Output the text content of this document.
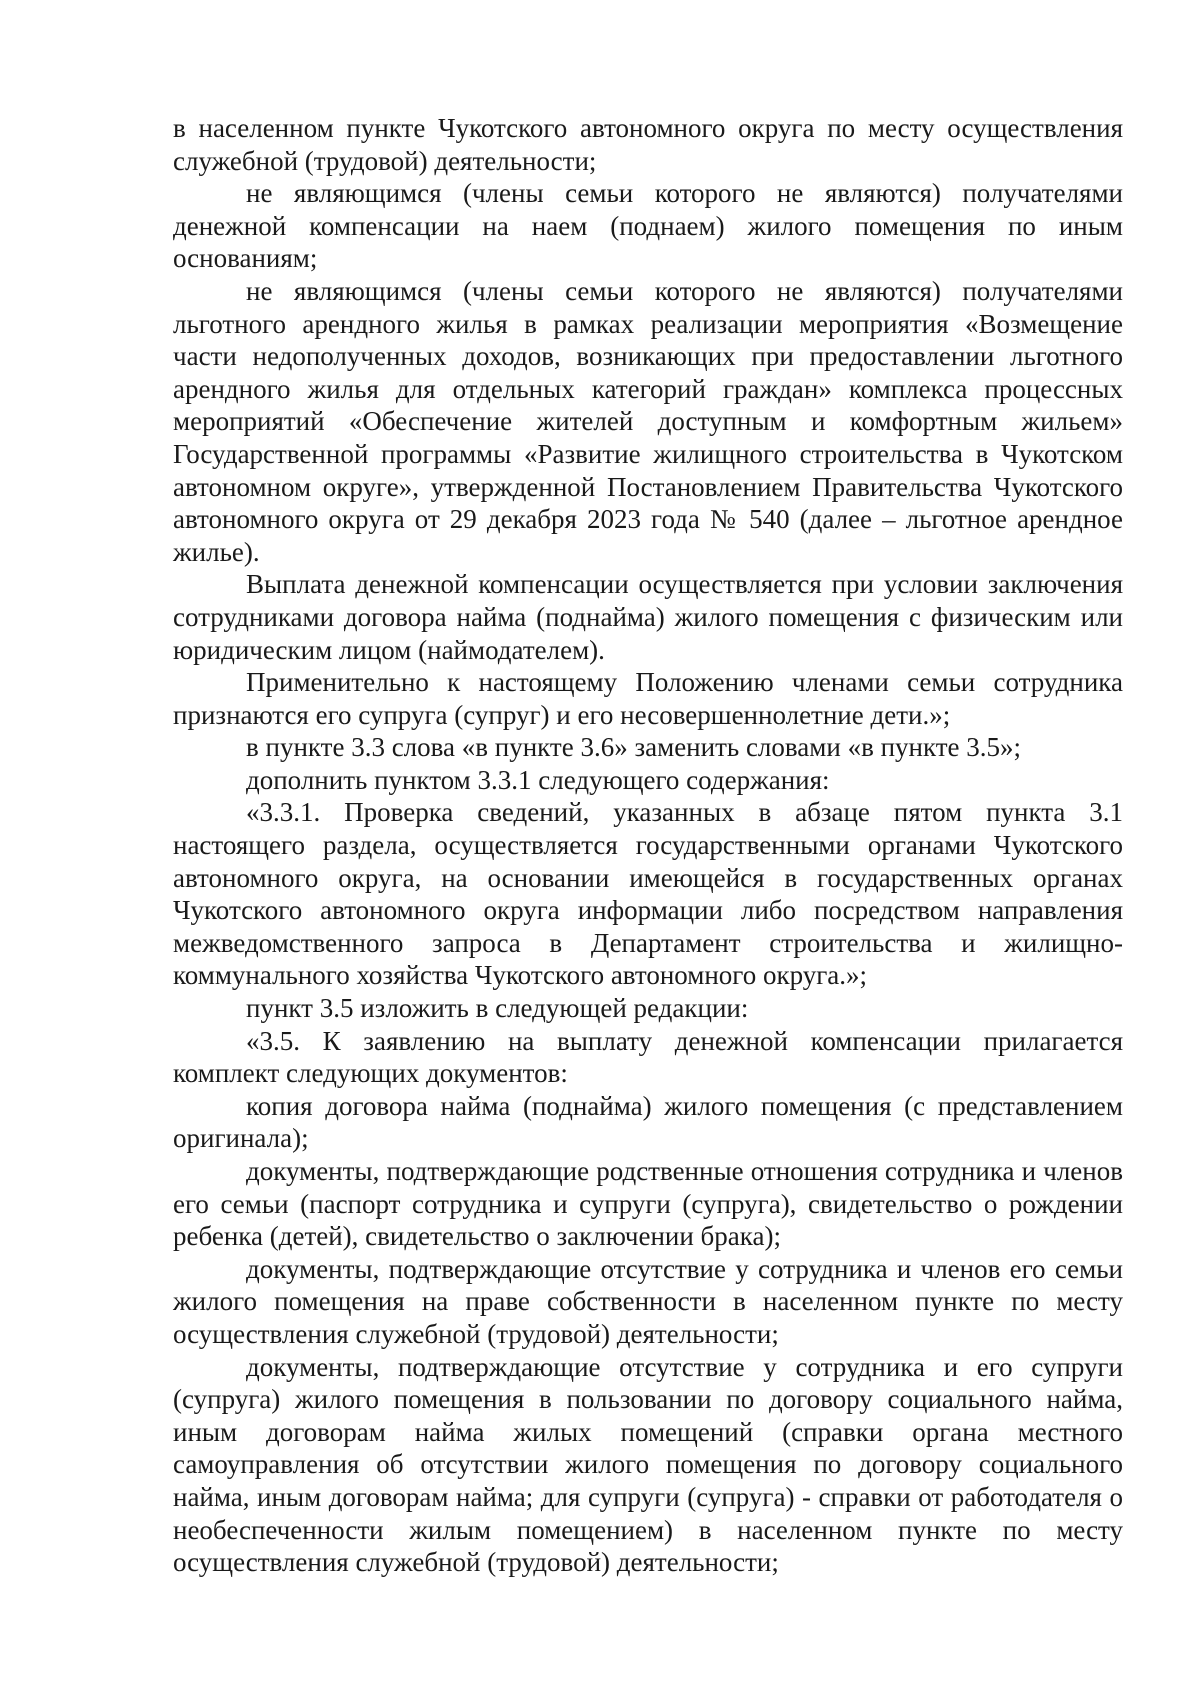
в населенном пункте Чукотского автономного округа по месту осуществления служебной (трудовой) деятельности;

не являющимся (члены семьи которого не являются) получателями денежной компенсации на наем (поднаем) жилого помещения по иным основаниям;

не являющимся (члены семьи которого не являются) получателями льготного арендного жилья в рамках реализации мероприятия «Возмещение части недополученных доходов, возникающих при предоставлении льготного арендного жилья для отдельных категорий граждан» комплекса процессных мероприятий «Обеспечение жителей доступным и комфортным жильем» Государственной программы «Развитие жилищного строительства в Чукотском автономном округе», утвержденной Постановлением Правительства Чукотского автономного округа от 29 декабря 2023 года № 540 (далее – льготное арендное жилье).

Выплата денежной компенсации осуществляется при условии заключения сотрудниками договора найма (поднайма) жилого помещения с физическим или юридическим лицом (наймодателем).

Применительно к настоящему Положению членами семьи сотрудника признаются его супруга (супруг) и его несовершеннолетние дети.»;

в пункте 3.3 слова «в пункте 3.6» заменить словами «в пункте 3.5»;

дополнить пунктом 3.3.1 следующего содержания:

«3.3.1. Проверка сведений, указанных в абзаце пятом пункта 3.1 настоящего раздела, осуществляется государственными органами Чукотского автономного округа, на основании имеющейся в государственных органах Чукотского автономного округа информации либо посредством направления межведомственного запроса в Департамент строительства и жилищно-коммунального хозяйства Чукотского автономного округа.»;

пункт 3.5 изложить в следующей редакции:

«3.5. К заявлению на выплату денежной компенсации прилагается комплект следующих документов:

копия договора найма (поднайма) жилого помещения (с представлением оригинала);

документы, подтверждающие родственные отношения сотрудника и членов его семьи (паспорт сотрудника и супруги (супруга), свидетельство о рождении ребенка (детей), свидетельство о заключении брака);

документы, подтверждающие отсутствие у сотрудника и членов его семьи жилого помещения на праве собственности в населенном пункте по месту осуществления служебной (трудовой) деятельности;

документы, подтверждающие отсутствие у сотрудника и его супруги (супруга) жилого помещения в пользовании по договору социального найма, иным договорам найма жилых помещений (справки органа местного самоуправления об отсутствии жилого помещения по договору социального найма, иным договорам найма; для супруги (супруга) - справки от работодателя о необеспеченности жилым помещением) в населенном пункте по месту осуществления служебной (трудовой) деятельности;
